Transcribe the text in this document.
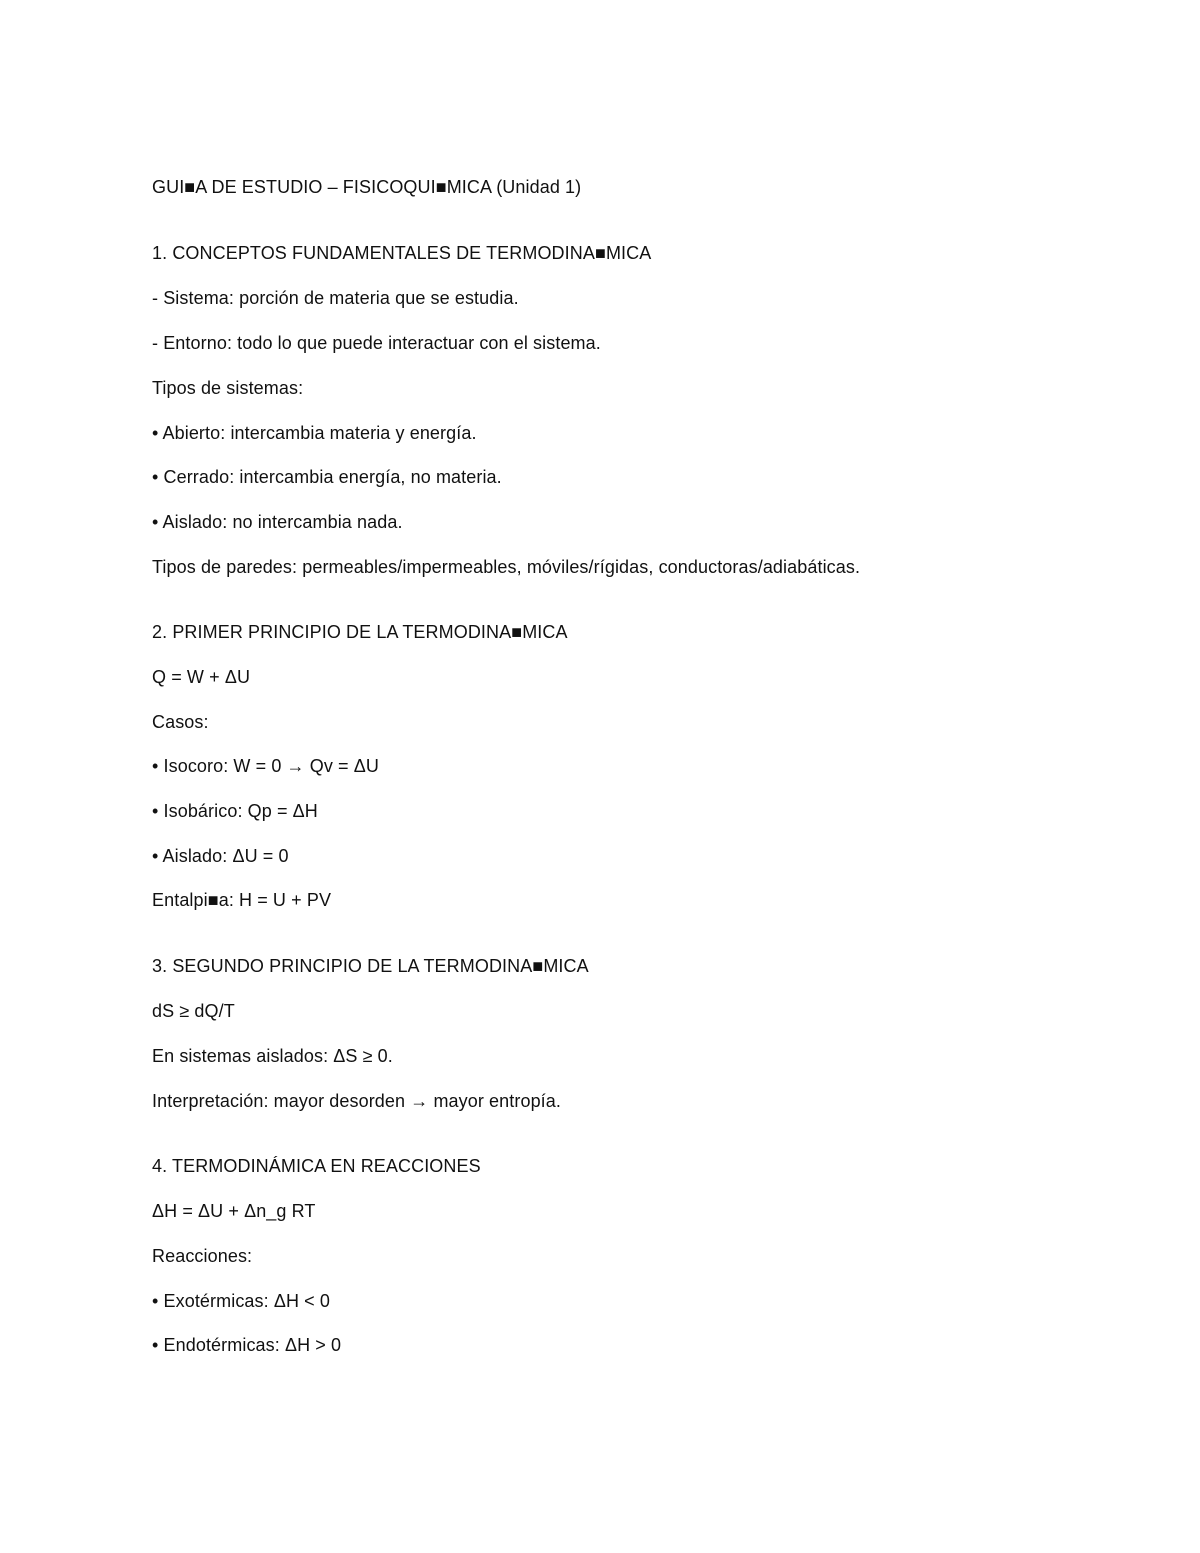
GUI■A DE ESTUDIO – FISICOQUI■MICA (Unidad 1)
1. CONCEPTOS FUNDAMENTALES DE TERMODINA■MICA
- Sistema: porción de materia que se estudia.
- Entorno: todo lo que puede interactuar con el sistema.
Tipos de sistemas:
• Abierto: intercambia materia y energía.
• Cerrado: intercambia energía, no materia.
• Aislado: no intercambia nada.
Tipos de paredes: permeables/impermeables, móviles/rígidas, conductoras/adiabáticas.
2. PRIMER PRINCIPIO DE LA TERMODINA■MICA
Q = W + ΔU
Casos:
• Isocoro: W = 0 → Qv = ΔU
• Isobárico: Qp = ΔH
• Aislado: ΔU = 0
Entalpi■a: H = U + PV
3. SEGUNDO PRINCIPIO DE LA TERMODINA■MICA
dS ≥ dQ/T
En sistemas aislados: ΔS ≥ 0.
Interpretación: mayor desorden → mayor entropía.
4. TERMODINÁMICA EN REACCIONES
ΔH = ΔU + Δn_g RT
Reacciones:
• Exotérmicas: ΔH < 0
• Endotérmicas: ΔH > 0
